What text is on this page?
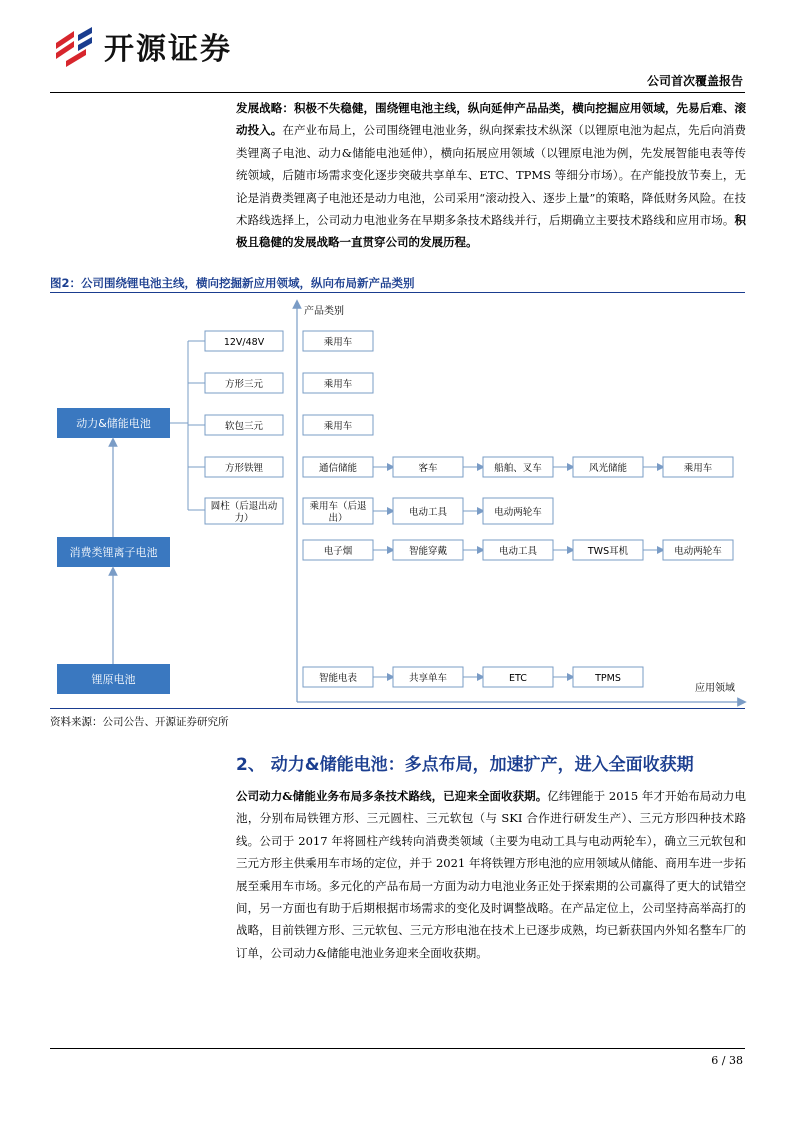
开源证券
公司首次覆盖报告

发展战略：积极不失稳健，围绕锂电池主线，纵向延伸产品品类，横向挖掘应用领域，先易后难、滚动投入。在产业布局上，公司围绕锂电池业务，纵向探索技术纵深（以锂原电池为起点，先后向消费类锂离子电池、动力&储能电池延伸），横向拓展应用领域（以锂原电池为例，先发展智能电表等传统领域，后随市场需求变化逐步突破共享单车、ETC、TPMS 等细分市场）。在产能投放节奏上，无论是消费类锂离子电池还是动力电池，公司采用“滚动投入、逐步上量”的策略，降低财务风险。在技术路线选择上，公司动力电池业务在早期多条技术路线并行，后期确立主要技术路线和应用市场。积极且稳健的发展战略一直贯穿公司的发展历程。

图2：公司围绕锂电池主线，横向挖掘新应用领域，纵向布局新产品类别
产品类别
应用领域
动力&储能电池
消费类锂离子电池
锂原电池
12V/48V
方形三元
软包三元
方形铁锂
圆柱（后退出动
力）
乘用车
乘用车
乘用车
通信储能	客车	船舶、叉车	风光储能	乘用车
乘用车（后退
出）
电动工具	电动两轮车
电子烟	智能穿戴	电动工具	TWS耳机	电动两轮车
智能电表	共享单车	ETC	TPMS
资料来源：公司公告、开源证券研究所
2、 动力&储能电池：多点布局，加速扩产，进入全面收获期

公司动力&储能业务布局多条技术路线，已迎来全面收获期。亿纬锂能于 2015 年才开始布局动力电池，分别布局铁锂方形、三元圆柱、三元软包（与 SKI 合作进行研发生产）、三元方形四种技术路线。公司于 2017 年将圆柱产线转向消费类领域（主要为电动工具与电动两轮车），确立三元软包和三元方形主供乘用车市场的定位，并于 2021 年将铁锂方形电池的应用领域从储能、商用车进一步拓展至乘用车市场。多元化的产品布局一方面为动力电池业务正处于探索期的公司赢得了更大的试错空间，另一方面也有助于后期根据市场需求的变化及时调整战略。在产品定位上，公司坚持高举高打的战略，目前铁锂方形、三元软包、三元方形电池在技术上已逐步成熟，均已新获国内外知名整车厂的订单，公司动力&储能电池业务迎来全面收获期。

6 / 38
